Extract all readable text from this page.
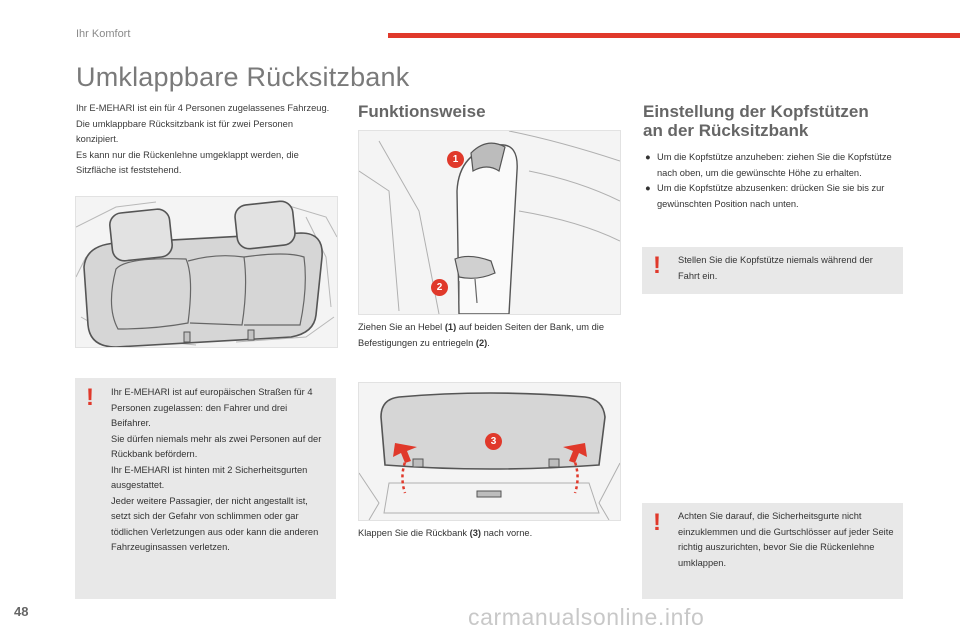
Ihr Komfort
Umklappbare Rücksitzbank

Ihr E-MEHARI ist ein für 4 Personen zugelassenes Fahrzeug.

Die umklappbare Rücksitzbank ist für zwei Personen konzipiert.

Es kann nur die Rückenlehne umgeklappt werden, die Sitzfläche ist feststehend.

! Ihr E-MEHARI ist auf europäischen Straßen für 4 Personen zugelassen: den Fahrer und drei Beifahrer.

Sie dürfen niemals mehr als zwei Personen auf der Rückbank befördern.

Ihr E-MEHARI ist hinten mit 2 Sicherheitsgurten ausgestattet.

Jeder weitere Passagier, der nicht angestallt ist, setzt sich der Gefahr von schlimmen oder gar tödlichen Verletzungen aus oder kann die anderen Fahrzeuginsassen verletzen.

Funktionsweise
1
2
Ziehen Sie an Hebel (1) auf beiden Seiten der Bank, um die Befestigungen zu entriegeln (2).
3
Klappen Sie die Rückbank (3) nach vorne.
Einstellung der Kopfstützen
an der Rücksitzbank
● Um die Kopfstütze anzuheben: ziehen Sie die Kopfstütze nach oben, um die gewünschte Höhe zu erhalten.
● Um die Kopfstütze abzusenken: drücken Sie sie bis zur gewünschten Position nach unten.
! Stellen Sie die Kopfstütze niemals während der Fahrt ein.
! Achten Sie darauf, die Sicherheitsgurte nicht einzuklemmen und die Gurtschlösser auf jeder Seite richtig auszurichten, bevor Sie die Rückenlehne umklappen.
48	carmanualsonline.info
